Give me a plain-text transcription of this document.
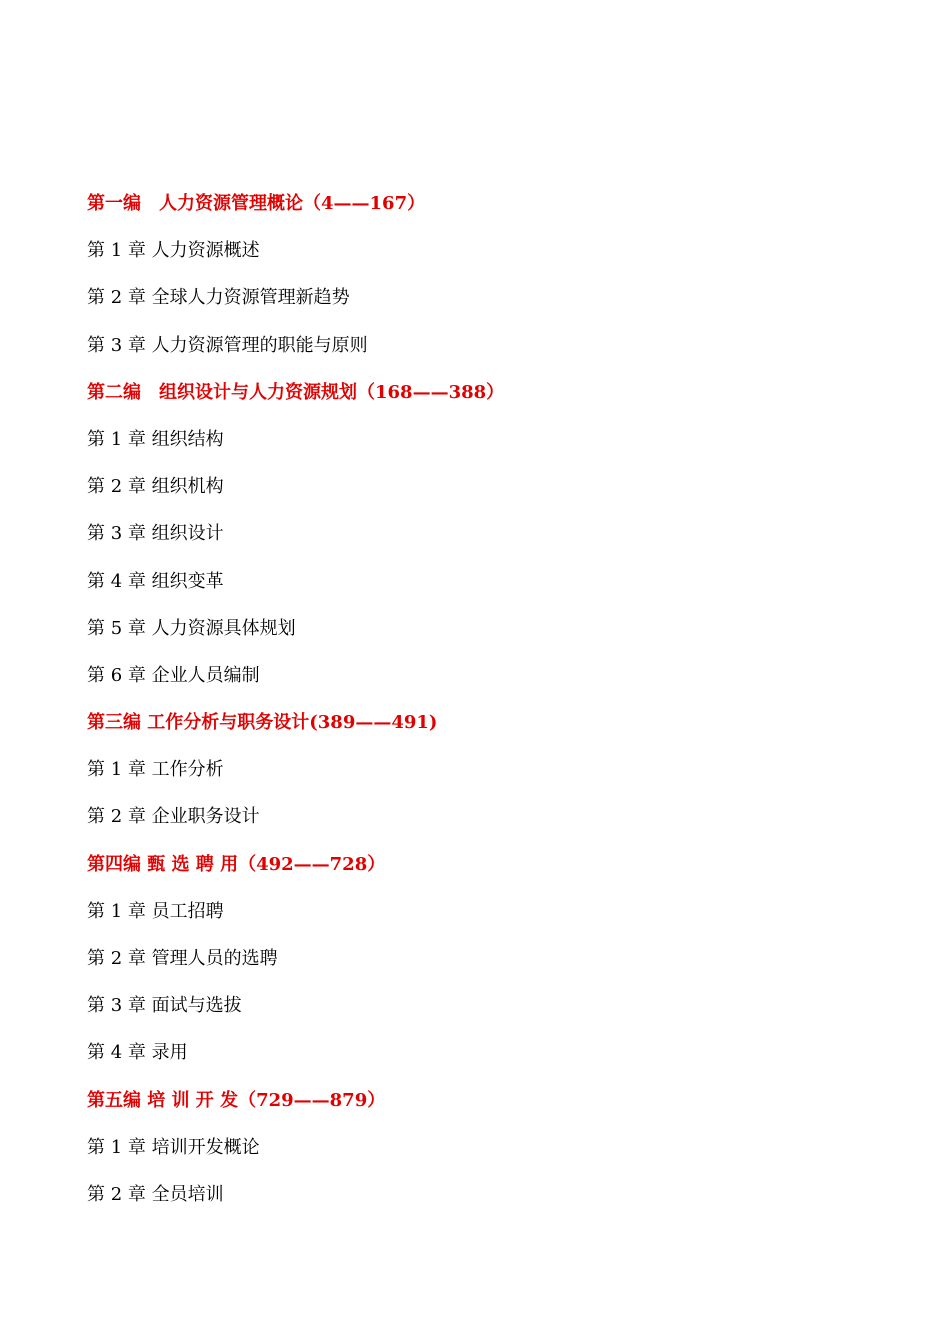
第一编　人力资源管理概论（4——167）
第 1 章 人力资源概述
第 2 章 全球人力资源管理新趋势
第 3 章 人力资源管理的职能与原则
第二编　组织设计与人力资源规划（168——388）
第 1 章 组织结构
第 2 章 组织机构
第 3 章 组织设计
第 4 章 组织变革
第 5 章 人力资源具体规划
第 6 章 企业人员编制
第三编 工作分析与职务设计(389——491)
第 1 章 工作分析
第 2 章 企业职务设计
第四编 甄 选 聘 用（492——728）
第 1 章 员工招聘
第 2 章 管理人员的选聘
第 3 章 面试与选拔
第 4 章 录用
第五编 培 训 开 发（729——879）
第 1 章 培训开发概论
第 2 章 全员培训
